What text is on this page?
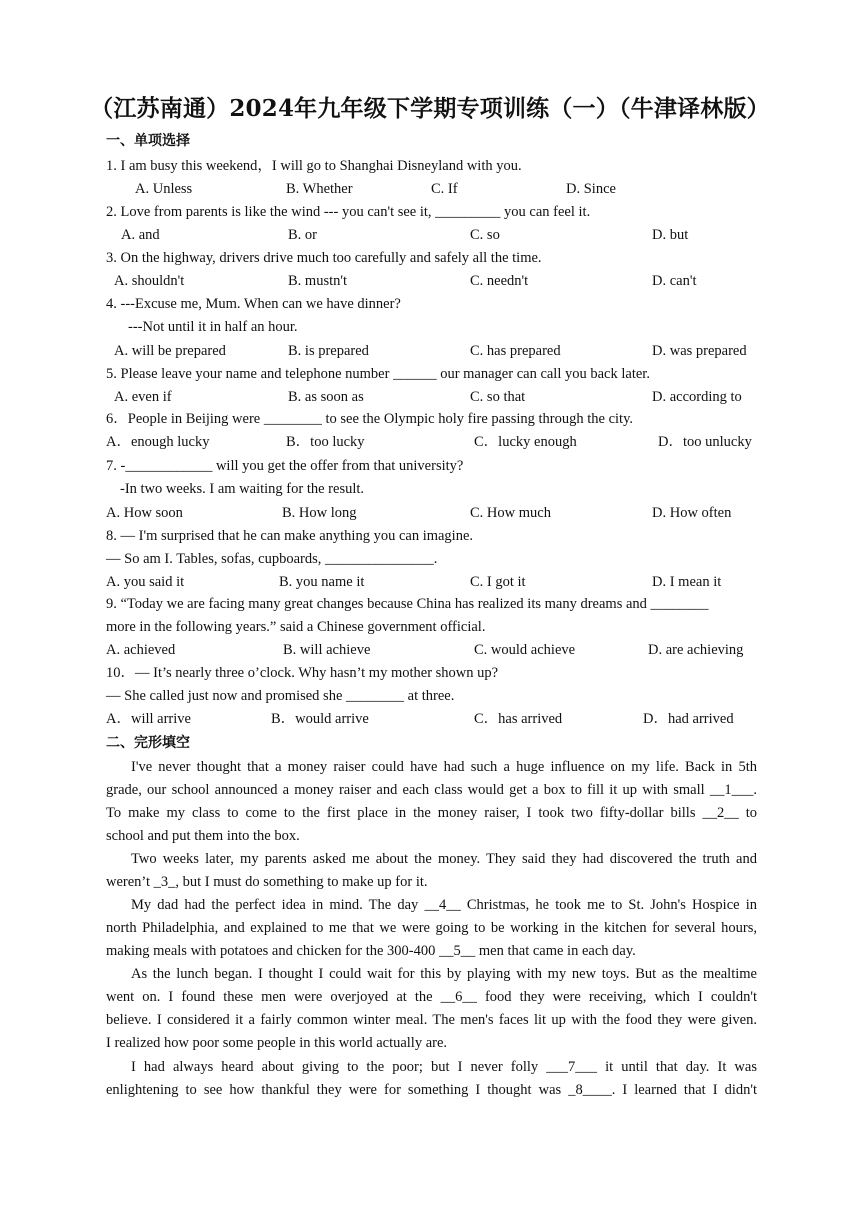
（江苏南通）2024年九年级下学期专项训练（一）（牛津译林版）
一、单项选择
1. I am busy this weekend，I will go to Shanghai Disneyland with you.
A. Unless	B. Whether	C. If	D. Since
2. Love from parents is like the wind --- you can't see it, _________ you can feel it.
A. and	B. or	C. so	D. but
3. On the highway, drivers drive much too carefully and safely all the time.
A. shouldn't	B. mustn't	C. needn't	D. can't
4. ---Excuse me, Mum. When can we have dinner?
---Not until it in half an hour.
A. will be prepared	B. is prepared	C. has prepared	D. was prepared
5. Please leave your name and telephone number ______ our manager can call you back later.
A. even if	B. as soon as	C. so that	D. according to
6．People in Beijing were ________ to see the Olympic holy fire passing through the city.
A．enough lucky	B．too lucky	C．lucky enough	D．too unlucky
7. -____________ will you get the offer from that university?
-In two weeks. I am waiting for the result.
A. How soon	B. How long	C. How much	D. How often
8. — I'm surprised that he can make anything you can imagine.
— So am I. Tables, sofas, cupboards, _______________.
A. you said it	B. you name it	C. I got it	D. I mean it
9. “Today we are facing many great changes because China has realized its many dreams and ________
more in the following years.” said a Chinese government official.
A. achieved	B. will achieve	C. would achieve	D. are achieving
10．— It’s nearly three o’clock. Why hasn’t my mother shown up?
— She called just now and promised she ________ at three.
A．will arrive	B．would arrive	C．has arrived	D．had arrived
二、完形填空
I've never thought that a money raiser could have had such a huge influence on my life. Back in 5th
grade, our school announced a money raiser and each class would get a box to fill it up with small __1___.
To make my class to come to the first place in the money raiser, I took two fifty-dollar bills __2__ to
school and put them into the box.
Two weeks later, my parents asked me about the money. They said they had discovered the truth and
weren’t _3_, but I must do something to make up for it.
My dad had the perfect idea in mind. The day __4__ Christmas, he took me to St. John's Hospice in
north Philadelphia, and explained to me that we were going to be working in the kitchen for several hours,
making meals with potatoes and chicken for the 300-400 __5__ men that came in each day.
As the lunch began. I thought I could wait for this by playing with my new toys. But as the mealtime
went on. I found these men were overjoyed at the __6__ food they were receiving, which I couldn't
believe. I considered it a fairly common winter meal. The men's faces lit up with the food they were given.
I realized how poor some people in this world actually are.
I had always heard about giving to the poor; but I never folly ___7___ it until that day. It was
enlightening to see how thankful they were for something I thought was _8____. I learned that I didn't
